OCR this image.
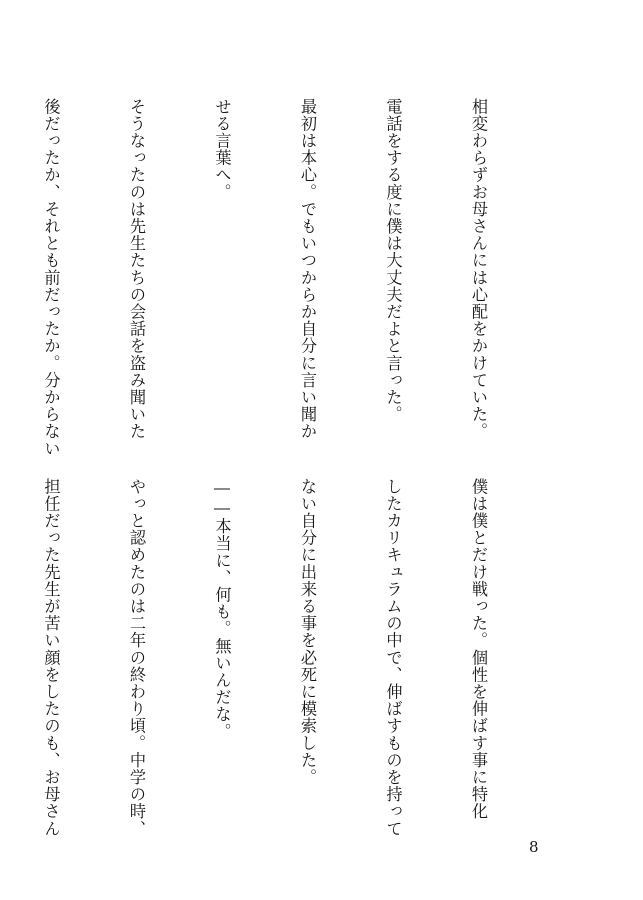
相変わらずお母さんには心配をかけていた。

電話をする度に僕は大丈夫だよと言った。

最初は本心。でもいつからか自分に言い聞か

せる言葉へ。

そうなったのは先生たちの会話を盗み聞いた

後だったか、それとも前だったか。分からない

僕は僕とだけ戦った。個性を伸ばす事に特化

したカリキュラムの中で、伸ばすものを持って

ない自分に出来る事を必死に模索した。

――本当に、何も。無いんだな。

やっと認めたのは二年の終わり頃。中学の時、

担任だった先生が苦い顔をしたのも、お母さん

8
